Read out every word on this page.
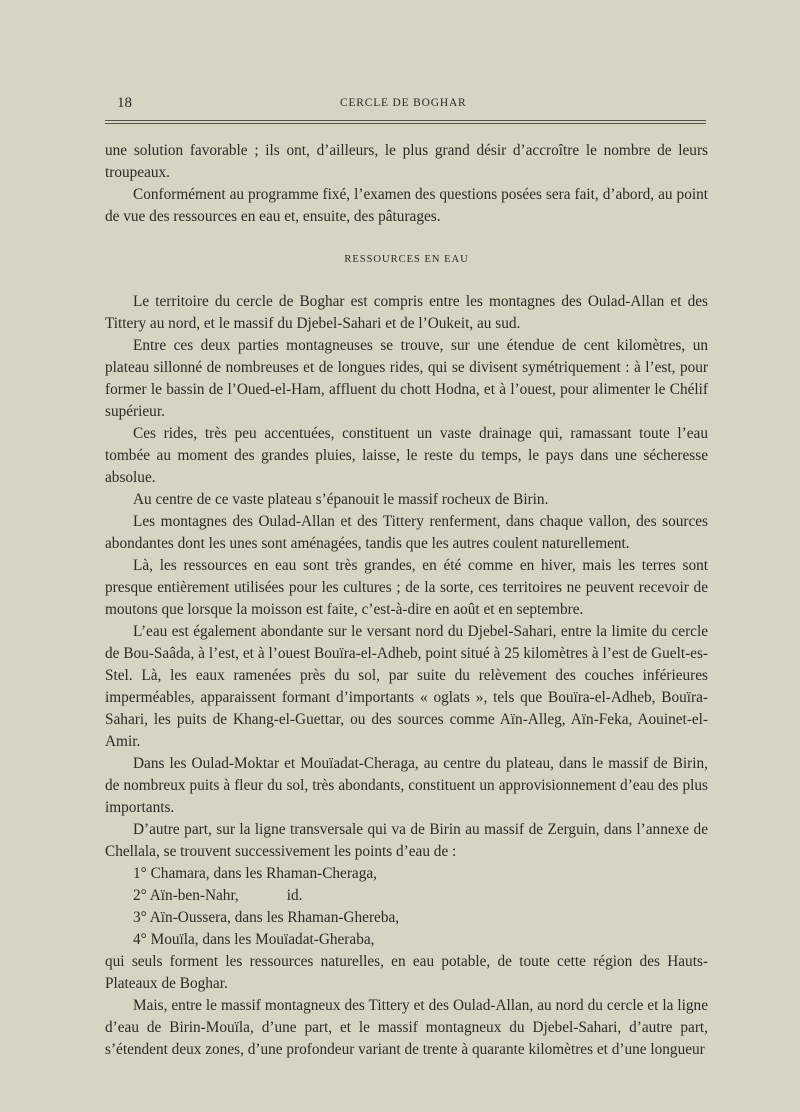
18	CERCLE DE BOGHAR

une solution favorable ; ils ont, d’ailleurs, le plus grand désir d’accroître le nombre de leurs troupeaux.

Conformément au programme fixé, l’examen des questions posées sera fait, d’abord, au point de vue des ressources en eau et, ensuite, des pâturages.

RESSOURCES EN EAU

Le territoire du cercle de Boghar est compris entre les montagnes des Oulad-Allan et des Tittery au nord, et le massif du Djebel-Sahari et de l’Oukeit, au sud.

Entre ces deux parties montagneuses se trouve, sur une étendue de cent kilomètres, un plateau sillonné de nombreuses et de longues rides, qui se divisent symétriquement : à l’est, pour former le bassin de l’Oued-el-Ham, affluent du chott Hodna, et à l’ouest, pour alimenter le Chélif supérieur.

Ces rides, très peu accentuées, constituent un vaste drainage qui, ramassant toute l’eau tombée au moment des grandes pluies, laisse, le reste du temps, le pays dans une sécheresse absolue.

Au centre de ce vaste plateau s’épanouit le massif rocheux de Birin.

Les montagnes des Oulad-Allan et des Tittery renferment, dans chaque vallon, des sources abondantes dont les unes sont aménagées, tandis que les autres coulent naturellement.

Là, les ressources en eau sont très grandes, en été comme en hiver, mais les terres sont presque entièrement utilisées pour les cultures ; de la sorte, ces territoires ne peuvent recevoir de moutons que lorsque la moisson est faite, c’est-à-dire en août et en septembre.

L’eau est également abondante sur le versant nord du Djebel-Sahari, entre la limite du cercle de Bou-Saâda, à l’est, et à l’ouest Bouïra-el-Adheb, point situé à 25 kilomètres à l’est de Guelt-es-Stel. Là, les eaux ramenées près du sol, par suite du relèvement des couches inférieures imperméables, apparaissent formant d’importants « oglats », tels que Bouïra-el-Adheb, Bouïra-Sahari, les puits de Khang-el-Guettar, ou des sources comme Aïn-Alleg, Aïn-Feka, Aouinet-el-Amir.

Dans les Oulad-Moktar et Mouïadat-Cheraga, au centre du plateau, dans le massif de Birin, de nombreux puits à fleur du sol, très abondants, constituent un approvisionnement d’eau des plus importants.

D’autre part, sur la ligne transversale qui va de Birin au massif de Zerguin, dans l’annexe de Chellala, se trouvent successivement les points d’eau de :

1° Chamara, dans les Rhaman-Cheraga,
2° Aïn-ben-Nahr,	id.
3° Aïn-Oussera, dans les Rhaman-Ghereba,
4° Mouïla, dans les Mouïadat-Gheraba,

qui seuls forment les ressources naturelles, en eau potable, de toute cette région des Hauts-Plateaux de Boghar.

Mais, entre le massif montagneux des Tittery et des Oulad-Allan, au nord du cercle et la ligne d’eau de Birin-Mouïla, d’une part, et le massif montagneux du Djebel-Sahari, d’autre part, s’étendent deux zones, d’une profondeur variant de trente à quarante kilomètres et d’une longueur
